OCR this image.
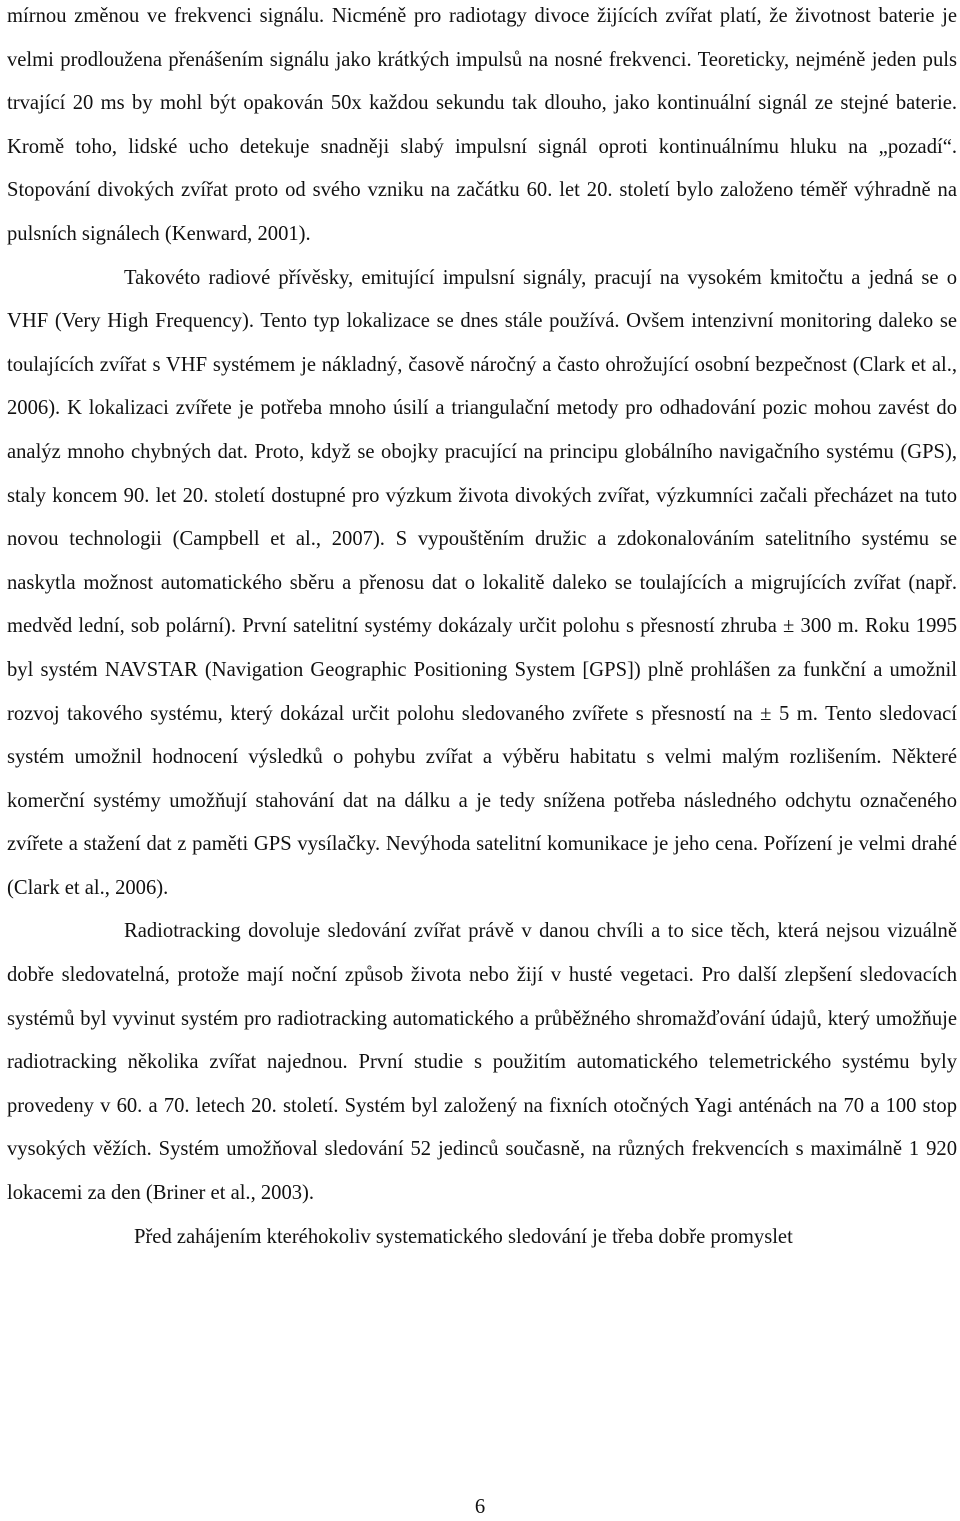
mírnou změnou ve frekvenci signálu. Nicméně pro radiotagy divoce žijících zvířat platí, že životnost baterie je velmi prodloužena přenášením signálu jako krátkých impulsů na nosné frekvenci. Teoreticky, nejméně jeden puls trvající 20 ms by mohl být opakován 50x každou sekundu tak dlouho, jako kontinuální signál ze stejné baterie. Kromě toho, lidské ucho detekuje snadněji slabý impulsní signál oproti kontinuálnímu hluku na „pozadí“. Stopování divokých zvířat proto od svého vzniku na začátku 60. let 20. století bylo založeno téměř výhradně na pulsních signálech (Kenward, 2001).

Takovéto radiové přívěsky, emitující impulsní signály, pracují na vysokém kmitočtu a jedná se o VHF (Very High Frequency). Tento typ lokalizace se dnes stále používá. Ovšem intenzivní monitoring daleko se toulajících zvířat s VHF systémem je nákladný, časově náročný a často ohrožující osobní bezpečnost (Clark et al., 2006). K lokalizaci zvířete je potřeba mnoho úsilí a triangulační metody pro odhadování pozic mohou zavést do analýz mnoho chybných dat. Proto, když se obojky pracující na principu globálního navigačního systému (GPS), staly koncem 90. let 20. století dostupné pro výzkum života divokých zvířat, výzkumníci začali přecházet na tuto novou technologii (Campbell et al., 2007). S vypouštěním družic a zdokonalováním satelitního systému se naskytla možnost automatického sběru a přenosu dat o lokalitě daleko se toulajících a migrujících zvířat (např. medvěd lední, sob polární). První satelitní systémy dokázaly určit polohu s přesností zhruba ± 300 m. Roku 1995 byl systém NAVSTAR (Navigation Geographic Positioning System [GPS]) plně prohlášen za funkční a umožnil rozvoj takového systému, který dokázal určit polohu sledovaného zvířete s přesností na ± 5 m. Tento sledovací systém umožnil hodnocení výsledků o pohybu zvířat a výběru habitatu s velmi malým rozlišením. Některé komerční systémy umožňují stahování dat na dálku a je tedy snížena potřeba následného odchytu označeného zvířete a stažení dat z paměti GPS vysílačky. Nevýhoda satelitní komunikace je jeho cena. Pořízení je velmi drahé (Clark et al., 2006).

Radiotracking dovoluje sledování zvířat právě v danou chvíli a to sice těch, která nejsou vizuálně dobře sledovatelná, protože mají noční způsob života nebo žijí v husté vegetaci. Pro další zlepšení sledovacích systémů byl vyvinut systém pro radiotracking automatického a průběžného shromažďování údajů, který umožňuje radiotracking několika zvířat najednou. První studie s použitím automatického telemetrického systému byly provedeny v 60. a 70. letech 20. století. Systém byl založený na fixních otočných Yagi anténách na 70 a 100 stop vysokých věžích. Systém umožňoval sledování 52 jedinců současně, na různých frekvencích s maximálně 1 920 lokacemi za den (Briner et al., 2003).

Před zahájením kteréhokoliv systematického sledování je třeba dobře promyslet

6
